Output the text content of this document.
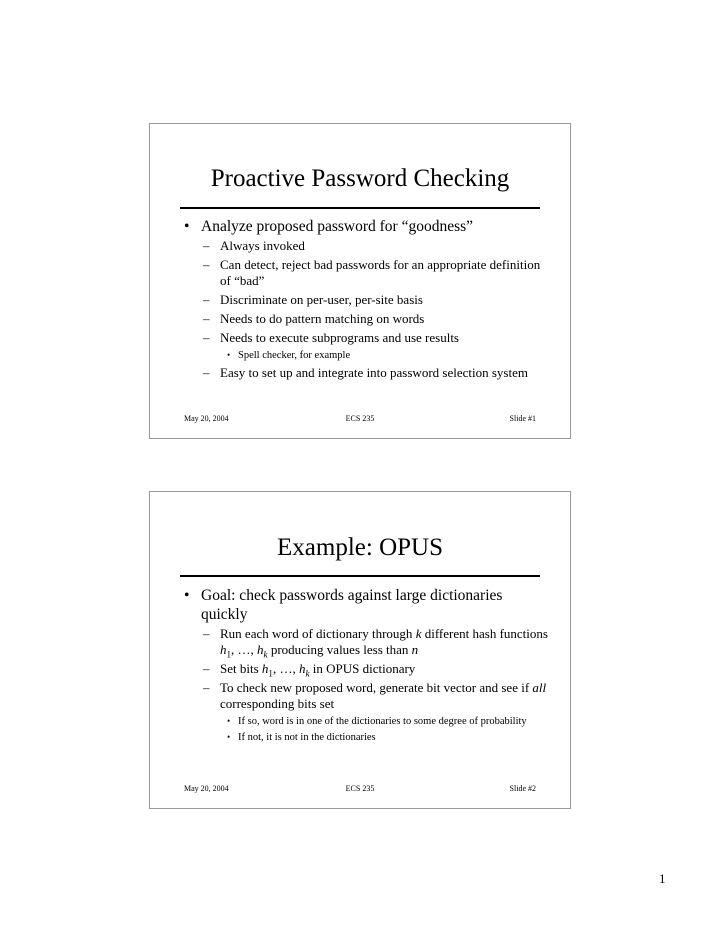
Proactive Password Checking
• Analyze proposed password for “goodness”
– Always invoked
– Can detect, reject bad passwords for an appropriate definition of “bad”
– Discriminate on per-user, per-site basis
– Needs to do pattern matching on words
– Needs to execute subprograms and use results
• Spell checker, for example
– Easy to set up and integrate into password selection system
May 20, 2004	ECS 235	Slide #1
Example: OPUS
• Goal: check passwords against large dictionaries quickly
– Run each word of dictionary through k different hash functions $h_1$, …, $h_k$ producing values less than n
– Set bits $h_1$, …, $h_k$ in OPUS dictionary
– To check new proposed word, generate bit vector and see if all corresponding bits set
• If so, word is in one of the dictionaries to some degree of probability
• If not, it is not in the dictionaries
May 20, 2004	ECS 235	Slide #2
1
